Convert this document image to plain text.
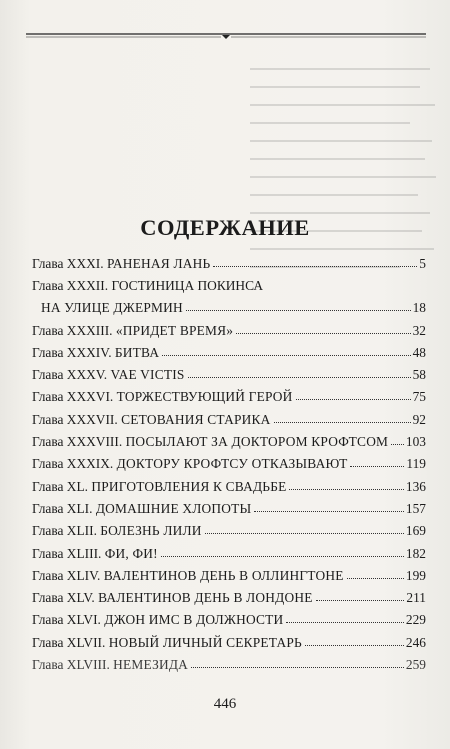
СОДЕРЖАНИЕ
Глава XXXI. РАНЕНАЯ ЛАНЬ	5
Глава XXXII. ГОСТИНИЦА ПОКИНСА
НА УЛИЦЕ ДЖЕРМИН	18
Глава XXXIII. «ПРИДЕТ ВРЕМЯ»	32
Глава XXXIV. БИТВА	48
Глава XXXV. VAE VICTIS	58
Глава XXXVI. ТОРЖЕСТВУЮЩИЙ ГЕРОЙ	75
Глава XXXVII. СЕТОВАНИЯ СТАРИКА	92
Глава XXXVIII. ПОСЫЛАЮТ ЗА ДОКТОРОМ КРОФТСОМ 103
Глава XXXIX. ДОКТОРУ КРОФТСУ ОТКАЗЫВАЮТ	119
Глава XL. ПРИГОТОВЛЕНИЯ К СВАДЬБЕ	136
Глава XLI. ДОМАШНИЕ ХЛОПОТЫ	157
Глава XLII. БОЛЕЗНЬ ЛИЛИ	169
Глава XLIII. ФИ, ФИ!	182
Глава XLIV. ВАЛЕНТИНОВ ДЕНЬ В ОЛЛИНГТОНЕ	199
Глава XLV. ВАЛЕНТИНОВ ДЕНЬ В ЛОНДОНЕ	211
Глава XLVI. ДЖОН ИМС В ДОЛЖНОСТИ	229
Глава XLVII. НОВЫЙ ЛИЧНЫЙ СЕКРЕТАРЬ	246
Глава XLVIII. НЕМЕЗИДА	259

446
